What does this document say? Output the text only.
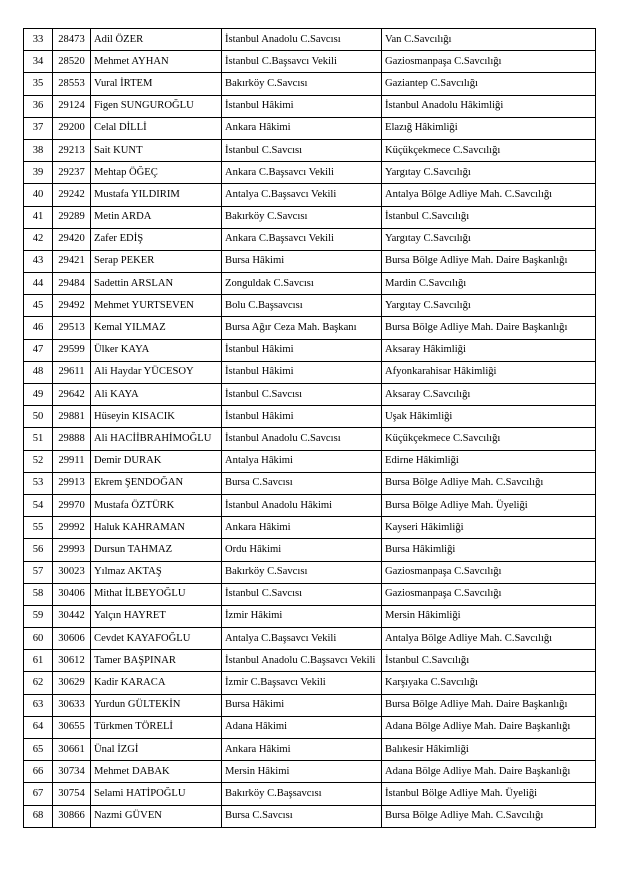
33	28473	Adil ÖZER	İstanbul Anadolu C.Savcısı	Van C.Savcılığı
34	28520	Mehmet AYHAN	İstanbul C.Başsavcı Vekili	Gaziosmanpaşa C.Savcılığı
35	28553	Vural İRTEM	Bakırköy C.Savcısı	Gaziantep C.Savcılığı
36	29124	Figen SUNGUROĞLU	İstanbul Hâkimi	İstanbul Anadolu Hâkimliği
37	29200	Celal DİLLİ	Ankara Hâkimi	Elazığ Hâkimliği
38	29213	Sait KUNT	İstanbul C.Savcısı	Küçükçekmece C.Savcılığı
39	29237	Mehtap ÖĞEÇ	Ankara C.Başsavcı Vekili	Yargıtay C.Savcılığı
40	29242	Mustafa YILDIRIM	Antalya C.Başsavcı Vekili	Antalya Bölge Adliye Mah. C.Savcılığı
41	29289	Metin ARDA	Bakırköy C.Savcısı	İstanbul C.Savcılığı
42	29420	Zafer EDİŞ	Ankara C.Başsavcı Vekili	Yargıtay C.Savcılığı
43	29421	Serap PEKER	Bursa Hâkimi	Bursa Bölge Adliye Mah. Daire Başkanlığı
44	29484	Sadettin ARSLAN	Zonguldak C.Savcısı	Mardin C.Savcılığı
45	29492	Mehmet YURTSEVEN	Bolu C.Başsavcısı	Yargıtay C.Savcılığı
46	29513	Kemal YILMAZ	Bursa Ağır Ceza Mah. Başkanı	Bursa Bölge Adliye Mah. Daire Başkanlığı
47	29599	Ülker KAYA	İstanbul Hâkimi	Aksaray Hâkimliği
48	29611	Ali Haydar YÜCESOY	İstanbul Hâkimi	Afyonkarahisar Hâkimliği
49	29642	Ali KAYA	İstanbul C.Savcısı	Aksaray C.Savcılığı
50	29881	Hüseyin KISACIK	İstanbul Hâkimi	Uşak Hâkimliği
51	29888	Ali HACİİBRAHİMOĞLU	İstanbul Anadolu C.Savcısı	Küçükçekmece C.Savcılığı
52	29911	Demir DURAK	Antalya Hâkimi	Edirne Hâkimliği
53	29913	Ekrem ŞENDOĞAN	Bursa C.Savcısı	Bursa Bölge Adliye Mah. C.Savcılığı
54	29970	Mustafa ÖZTÜRK	İstanbul Anadolu Hâkimi	Bursa Bölge Adliye Mah. Üyeliği
55	29992	Haluk KAHRAMAN	Ankara Hâkimi	Kayseri Hâkimliği
56	29993	Dursun TAHMAZ	Ordu Hâkimi	Bursa Hâkimliği
57	30023	Yılmaz AKTAŞ	Bakırköy C.Savcısı	Gaziosmanpaşa C.Savcılığı
58	30406	Mithat İLBEYOĞLU	İstanbul C.Savcısı	Gaziosmanpaşa C.Savcılığı
59	30442	Yalçın HAYRET	İzmir Hâkimi	Mersin Hâkimliği
60	30606	Cevdet KAYAFOĞLU	Antalya C.Başsavcı Vekili	Antalya Bölge Adliye Mah. C.Savcılığı
61	30612	Tamer BAŞPINAR	İstanbul Anadolu C.Başsavcı Vekili	İstanbul C.Savcılığı
62	30629	Kadir KARACA	İzmir C.Başsavcı Vekili	Karşıyaka C.Savcılığı
63	30633	Yurdun GÜLTEKİN	Bursa Hâkimi	Bursa Bölge Adliye Mah. Daire Başkanlığı
64	30655	Türkmen TÖRELİ	Adana Hâkimi	Adana Bölge Adliye Mah. Daire Başkanlığı
65	30661	Ünal İZGİ	Ankara Hâkimi	Balıkesir Hâkimliği
66	30734	Mehmet DABAK	Mersin Hâkimi	Adana Bölge Adliye Mah. Daire Başkanlığı
67	30754	Selami HATİPOĞLU	Bakırköy C.Başsavcısı	İstanbul Bölge Adliye Mah. Üyeliği
68	30866	Nazmi GÜVEN	Bursa C.Savcısı	Bursa Bölge Adliye Mah. C.Savcılığı
